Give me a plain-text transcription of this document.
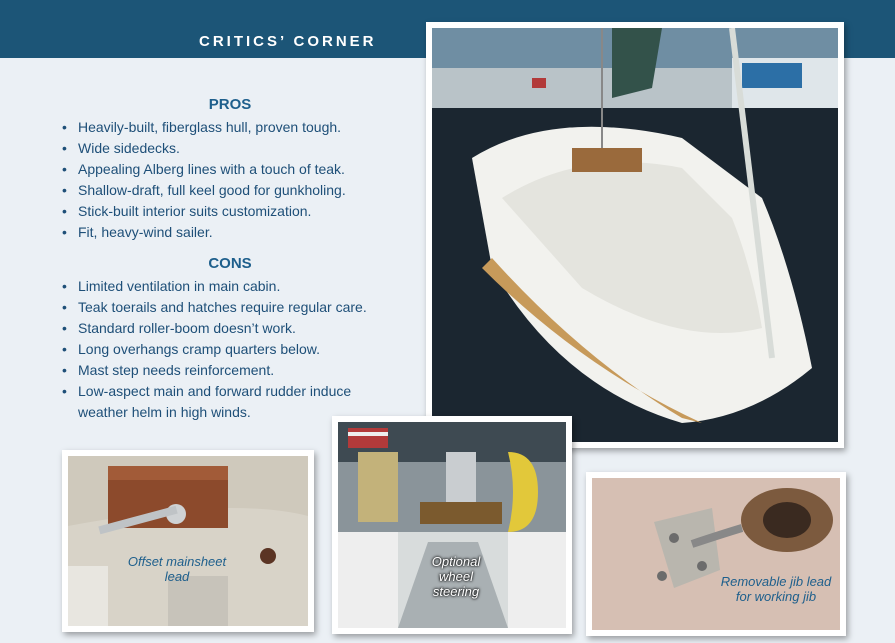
CRITICS’ CORNER
PROS
• Heavily-built, fiberglass hull, proven tough.
• Wide sidedecks.
• Appealing Alberg lines with a touch of teak.
• Shallow-draft, full keel good for gunkholing.
• Stick-built interior suits customization.
• Fit, heavy-wind sailer.
CONS
• Limited ventilation in main cabin.
• Teak toerails and hatches require regular care.
• Standard roller-boom doesn’t work.
• Long overhangs cramp quarters below.
• Mast step needs reinforcement.
• Low-aspect main and forward rudder induce weather helm in high winds.
Offset mainsheet
lead
Optional
wheel
steering
Removable jib lead
for working jib
